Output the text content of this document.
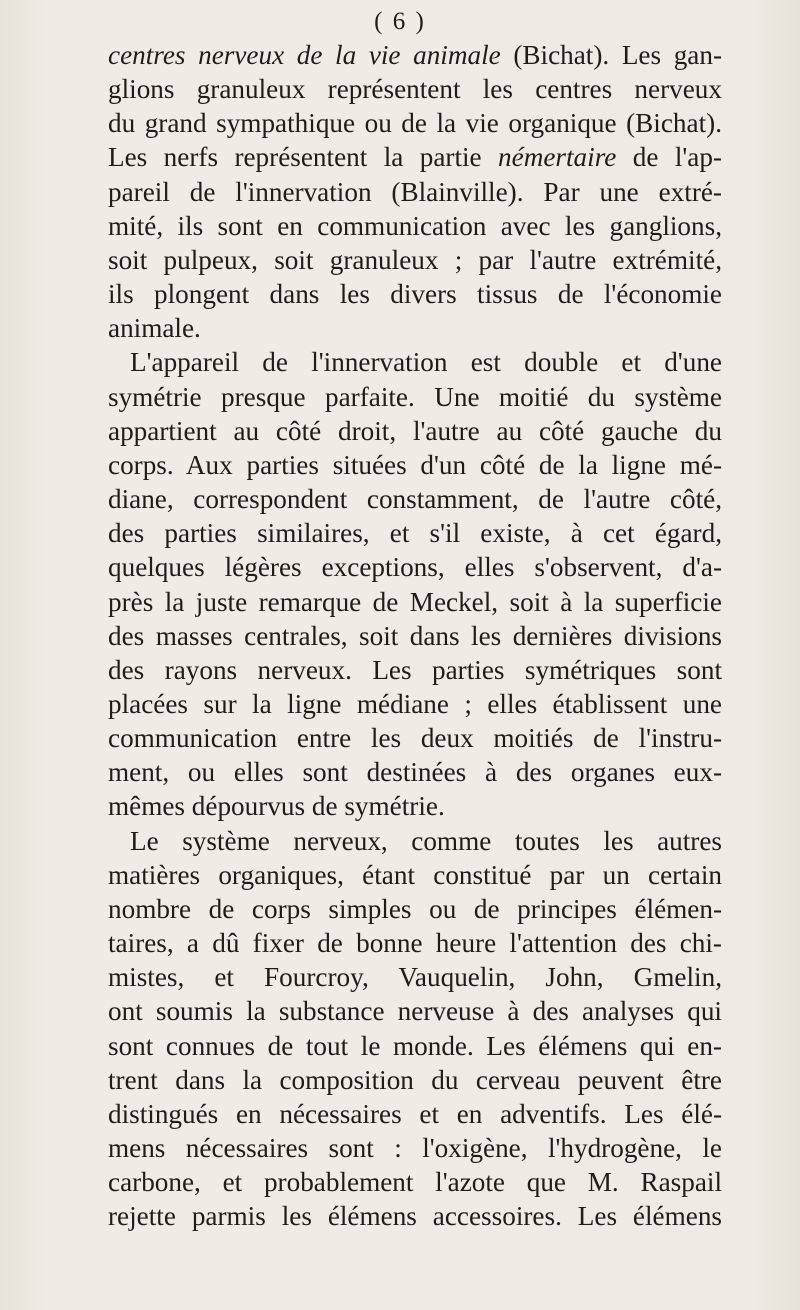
( 6 )
centres nerveux de la vie animale (Bichat). Les gan-
glions granuleux représentent les centres nerveux
du grand sympathique ou de la vie organique (Bichat).
Les nerfs représentent la partie némertaire de l'ap-
pareil de l'innervation (Blainville). Par une extré-
mité, ils sont en communication avec les ganglions,
soit pulpeux, soit granuleux ; par l'autre extrémité,
ils plongent dans les divers tissus de l'économie
animale.
L'appareil de l'innervation est double et d'une
symétrie presque parfaite. Une moitié du système
appartient au côté droit, l'autre au côté gauche du
corps. Aux parties situées d'un côté de la ligne mé-
diane, correspondent constamment, de l'autre côté,
des parties similaires, et s'il existe, à cet égard,
quelques légères exceptions, elles s'observent, d'a-
près la juste remarque de Meckel, soit à la superficie
des masses centrales, soit dans les dernières divisions
des rayons nerveux. Les parties symétriques sont
placées sur la ligne médiane ; elles établissent une
communication entre les deux moitiés de l'instru-
ment, ou elles sont destinées à des organes eux-
mêmes dépourvus de symétrie.
Le système nerveux, comme toutes les autres
matières organiques, étant constitué par un certain
nombre de corps simples ou de principes élémen-
taires, a dû fixer de bonne heure l'attention des chi-
mistes, et Fourcroy, Vauquelin, John, Gmelin,
ont soumis la substance nerveuse à des analyses qui
sont connues de tout le monde. Les élémens qui en-
trent dans la composition du cerveau peuvent être
distingués en nécessaires et en adventifs. Les élé-
mens nécessaires sont : l'oxigène, l'hydrogène, le
carbone, et probablement l'azote que M. Raspail
rejette parmis les élémens accessoires. Les élémens
